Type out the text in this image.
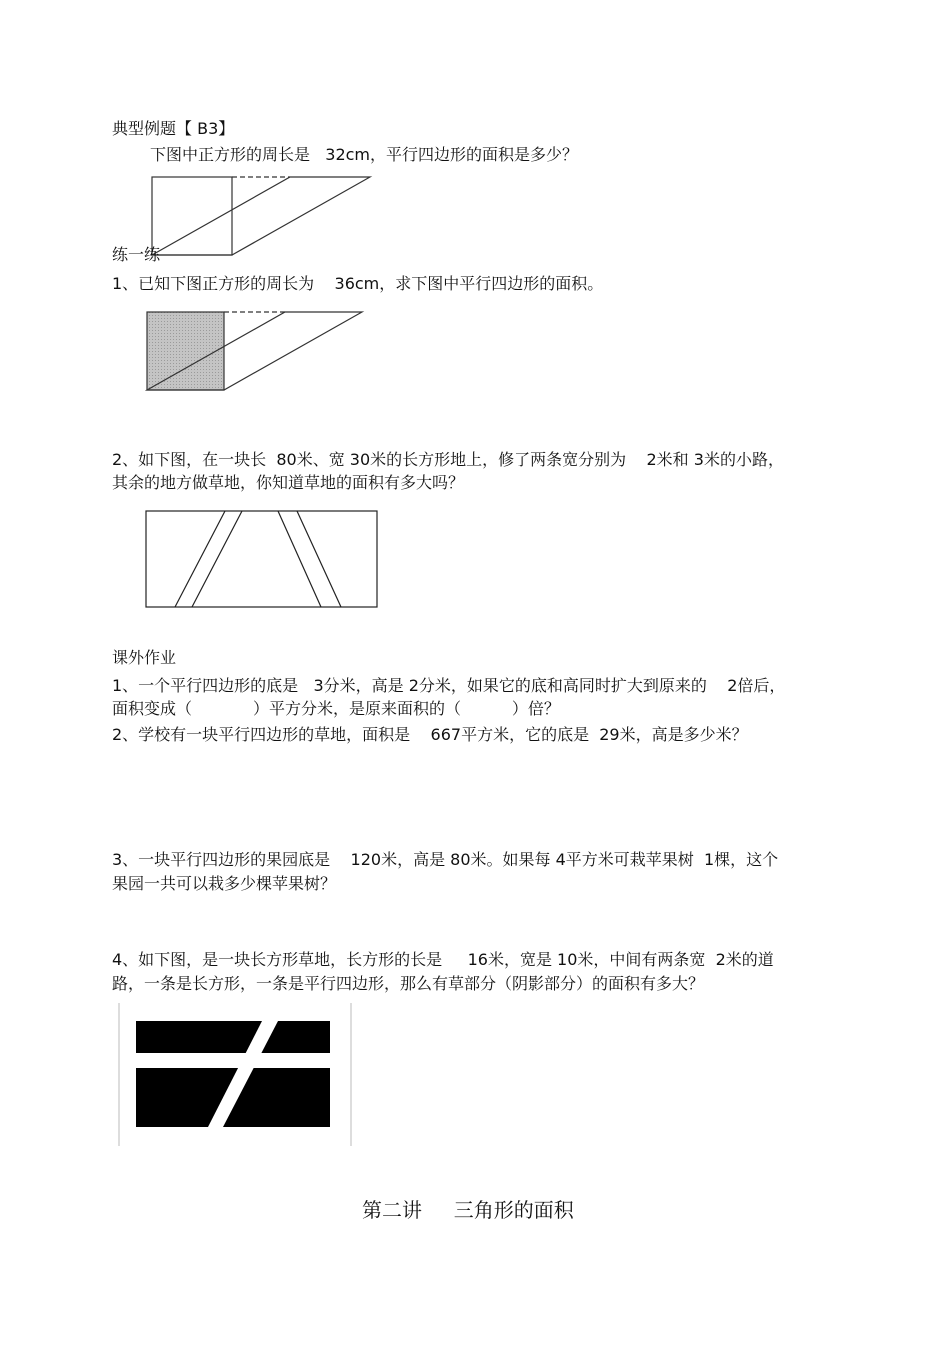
典型例题【 B3】
下图中正方形的周长是   32cm，平行四边形的面积是多少？
练一练
1、已知下图正方形的周长为    36cm，求下图中平行四边形的面积。
2、如下图，在一块长  80米、宽 30米的长方形地上，修了两条宽分别为    2米和 3米的小路，
其余的地方做草地，你知道草地的面积有多大吗？
课外作业
1、一个平行四边形的底是   3分米，高是 2分米，如果它的底和高同时扩大到原来的    2倍后，
面积变成（            ）平方分米，是原来面积的（          ）倍？
2、学校有一块平行四边形的草地，面积是    667平方米，它的底是  29米，高是多少米？
3、一块平行四边形的果园底是    120米，高是 80米。如果每 4平方米可栽苹果树  1棵，这个
果园一共可以栽多少棵苹果树？
4、如下图，是一块长方形草地，长方形的长是     16米，宽是 10米，中间有两条宽  2米的道
路，一条是长方形，一条是平行四边形，那么有草部分（阴影部分）的面积有多大？
第二讲     三角形的面积
